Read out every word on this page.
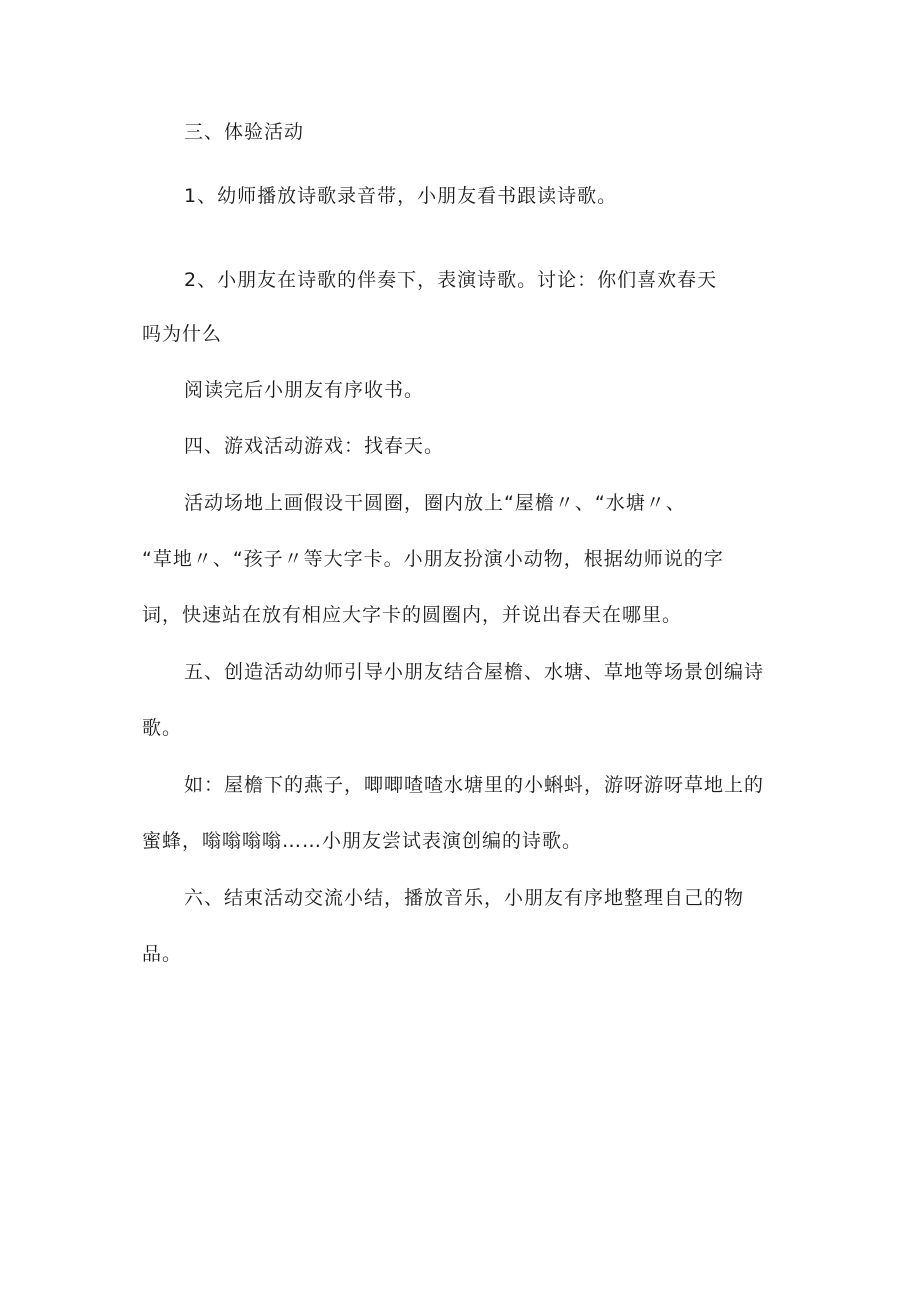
三、体验活动

1、幼师播放诗歌录音带，小朋友看书跟读诗歌。

2、小朋友在诗歌的伴奏下，表演诗歌。讨论：你们喜欢春天

吗为什么

阅读完后小朋友有序收书。

四、游戏活动游戏：找春天。

活动场地上画假设干圆圈，圈内放上“屋檐〃、“水塘〃、

“草地〃、“孩子〃等大字卡。小朋友扮演小动物，根据幼师说的字

词，快速站在放有相应大字卡的圆圈内，并说出春天在哪里。

五、创造活动幼师引导小朋友结合屋檐、水塘、草地等场景创编诗

歌。

如：屋檐下的燕子，唧唧喳喳水塘里的小蝌蚪，游呀游呀草地上的

蜜蜂，嗡嗡嗡嗡……小朋友尝试表演创编的诗歌。

六、结束活动交流小结，播放音乐，小朋友有序地整理自己的物

品。
